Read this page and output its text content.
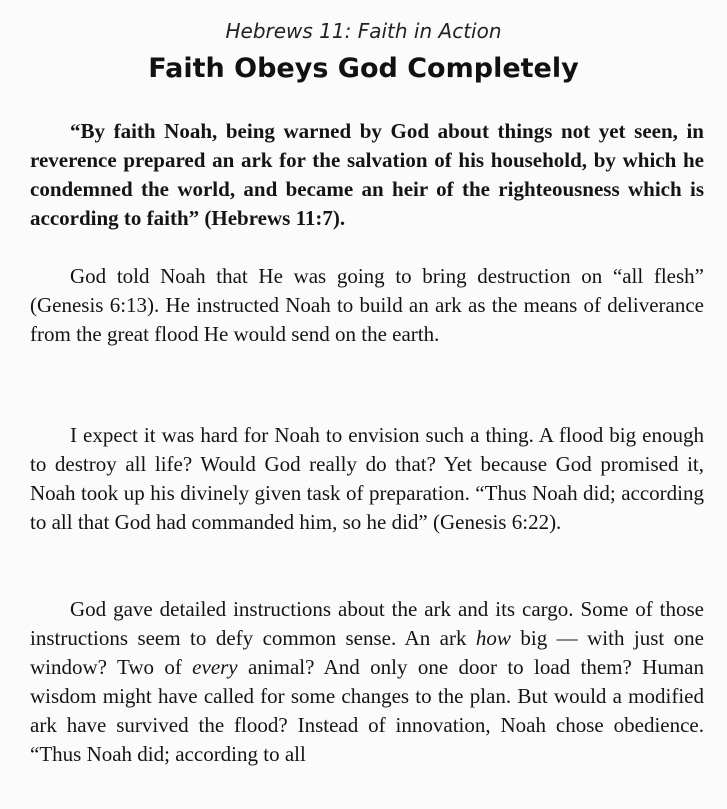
Hebrews 11: Faith in Action

Faith Obeys God Completely

“By faith Noah, being warned by God about things not yet seen, in reverence prepared an ark for the salvation of his household, by which he condemned the world, and became an heir of the righteousness which is according to faith” (Hebrews 11:7).

God told Noah that He was going to bring destruction on “all flesh” (Genesis 6:13). He instructed Noah to build an ark as the means of deliverance from the great flood He would send on the earth.

I expect it was hard for Noah to envision such a thing. A flood big enough to destroy all life? Would God really do that? Yet because God promised it, Noah took up his divinely given task of preparation. “Thus Noah did; according to all that God had commanded him, so he did” (Genesis 6:22).

God gave detailed instructions about the ark and its cargo. Some of those instructions seem to defy common sense. An ark how big — with just one window? Two of every animal? And only one door to load them? Human wisdom might have called for some changes to the plan. But would a modified ark have survived the flood? Instead of innovation, Noah chose obedience. “Thus Noah did; according to all
